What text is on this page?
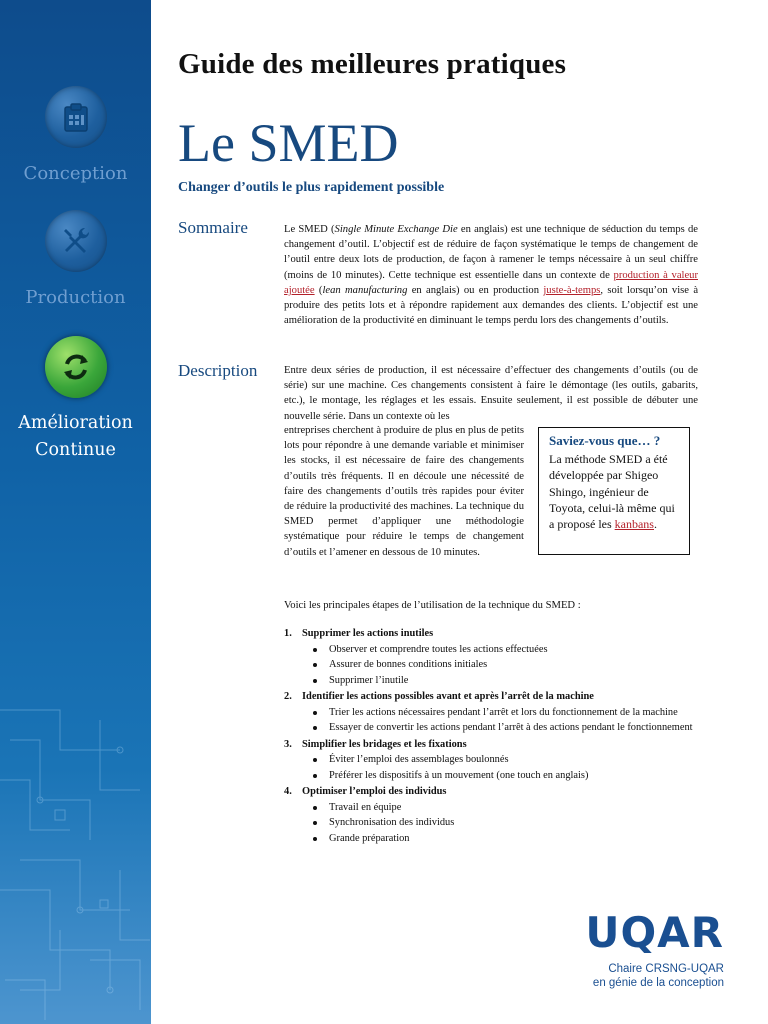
Conception
Production
Amélioration
Continue
Guide des meilleures pratiques
Le SMED
Changer d’outils le plus rapidement possible
Sommaire	Le SMED (Single Minute Exchange Die en anglais) est une technique de séduction du temps de changement d’outil. L’objectif est de réduire de façon systématique le temps de changement de l’outil entre deux lots de production, de façon à ramener le temps nécessaire à un seul chiffre (moins de 10 minutes). Cette technique est essentielle dans un contexte de production à valeur ajoutée (lean manufacturing en anglais) ou en production juste-à-temps, soit lorsqu’on vise à produire des petits lots et à répondre rapidement aux demandes des clients. L’objectif est une amélioration de la productivité en diminuant le temps perdu lors des changements d’outils.

Description	Entre deux séries de production, il est nécessaire d’effectuer des changements d’outils (ou de série) sur une machine. Ces changements consistent à faire le démontage (les outils, gabarits, etc.), le montage, les réglages et les essais. Ensuite seulement, il est possible de débuter une nouvelle série. Dans un contexte où les

entreprises cherchent à produire de plus en plus de petits lots pour répondre à une demande variable et minimiser les stocks, il est nécessaire de faire des changements d’outils très fréquents. Il en découle une nécessité de faire des changements d’outils très rapides pour éviter de réduire la productivité des machines. La technique du SMED permet d’appliquer une méthodologie systématique pour réduire le temps de changement d’outils et l’amener en dessous de 10 minutes.

Saviez-vous que… ?
La méthode SMED a été développée par Shigeo Shingo, ingénieur de Toyota, celui-là même qui a proposé les kanbans.

Voici les principales étapes de l’utilisation de la technique du SMED :

1. Supprimer les actions inutiles
Observer et comprendre toutes les actions effectuées
Assurer de bonnes conditions initiales
Supprimer l’inutile
2. Identifier les actions possibles avant et après l’arrêt de la machine
Trier les actions nécessaires pendant l’arrêt et lors du fonctionnement de la machine
Essayer de convertir les actions pendant l’arrêt à des actions pendant le fonctionnement
3. Simplifier les bridages et les fixations
Éviter l’emploi des assemblages boulonnés
Préférer les dispositifs à un mouvement (one touch en anglais)
4. Optimiser l’emploi des individus
Travail en équipe
Synchronisation des individus
Grande préparation
UQAR
Chaire CRSNG-UQAR
en génie de la conception
